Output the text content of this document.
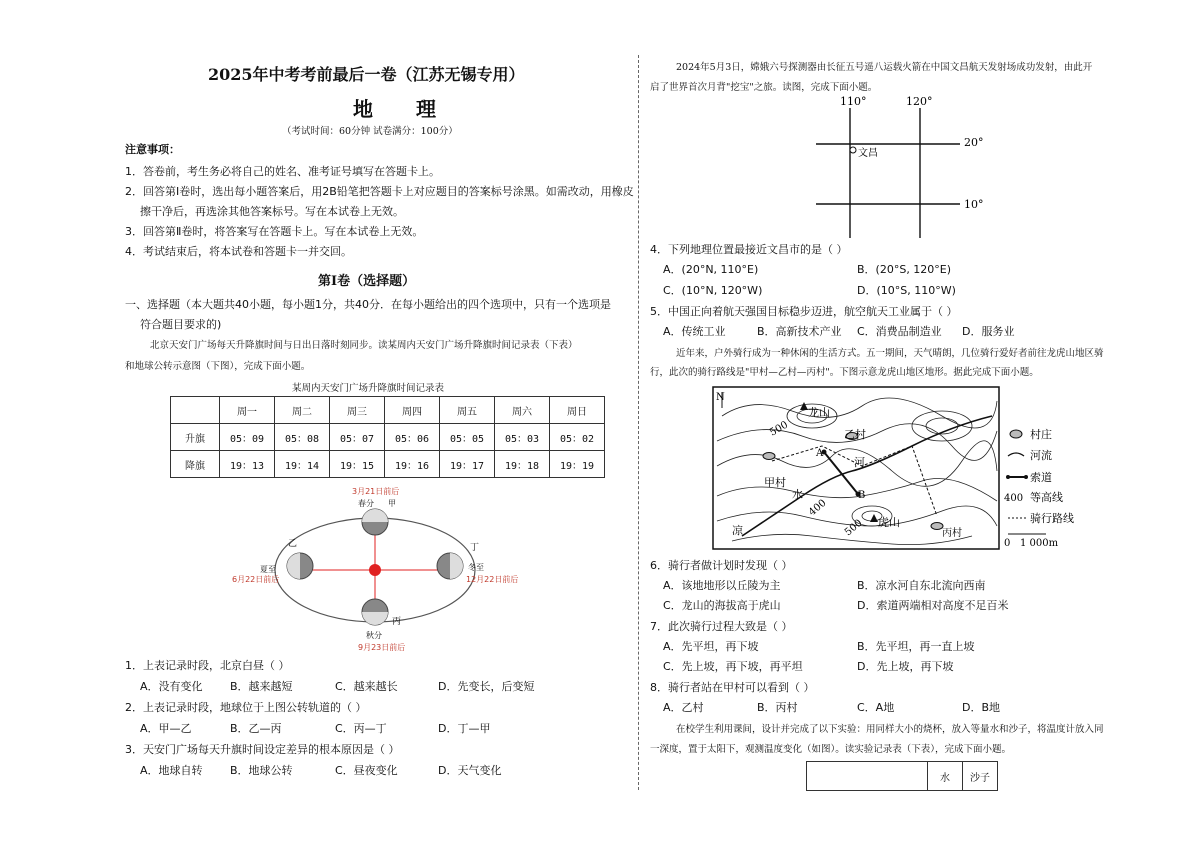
2025年中考考前最后一卷（江苏无锡专用）
地 理
（考试时间：60分钟 试卷满分：100分）
注意事项：
1．答卷前，考生务必将自己的姓名、准考证号填写在答题卡上。
2．回答第Ⅰ卷时，选出每小题答案后，用2B铅笔把答题卡上对应题目的答案标号涂黑。如需改动，用橡皮
擦干净后，再选涂其他答案标号。写在本试卷上无效。
3．回答第Ⅱ卷时，将答案写在答题卡上。写在本试卷上无效。
4．考试结束后，将本试卷和答题卡一并交回。
第Ⅰ卷（选择题）
一、选择题（本大题共40小题，每小题1分，共40分．在每小题给出的四个选项中，只有一个选项是
符合题目要求的)
北京天安门广场每天升降旗时间与日出日落时刻同步。读某周内天安门广场升降旗时间记录表（下表）
和地球公转示意图（下图），完成下面小题。
某周内天安门广场升降旗时间记录表
	周一	周二	周三	周四	周五	周六	周日
升旗	05：09	05：08	05：07	05：06	05：05	05：03	05：02
降旗	19：13	19：14	19：15	19：16	19：17	19：18	19：19
3月21日前后
春分 甲
乙
夏至
6月22日前后
丁
冬至
12月22日前后
丙
秋分
9月23日前后
1．上表记录时段，北京白昼（ ）
A．没有变化 B．越来越短	C．越来越长	D．先变长，后变短
2．上表记录时段，地球位于上图公转轨道的（ ）
A．甲—乙	B．乙—丙	C．丙—丁	D．丁—甲
3．天安门广场每天升旗时间设定差异的根本原因是（ ）
A．地球自转 B．地球公转	C．昼夜变化	D．天气变化
2024年5月3日，嫦娥六号探测器由长征五号遥八运载火箭在中国文昌航天发射场成功发射，由此开
启了世界首次月背"挖宝"之旅。读图，完成下面小题。
110°	120°
20°
10°
文昌
4．下列地理位置最接近文昌市的是（ ）
A．(20°N, 110°E)	B．(20°S, 120°E)
C．(10°N, 120°W)	D．(10°S, 110°W)
5．中国正向着航天强国目标稳步迈进，航空航天工业属于（ ）
A．传统工业	B．高新技术产业 C．消费品制造业 D．服务业
近年来，户外骑行成为一种休闲的生活方式。五一期间，天气晴朗，几位骑行爱好者前往龙虎山地区骑
行，此次的骑行路线是"甲村—乙村—丙村"。下图示意龙虎山地区地形。据此完成下面小题。
N
龙山
虎山
乙村
甲村
丙村
河
水
凉
A
B
500
400
500
村庄
河流
索道
400 等高线
骑行路线
0 1 000m
6．骑行者做计划时发现（ ）
A．该地地形以丘陵为主	B．凉水河自东北流向西南
C．龙山的海拔高于虎山	D．索道两端相对高度不足百米
7．此次骑行过程大致是（ ）
A．先平坦，再下坡	B．先平坦，再一直上坡
C．先上坡，再下坡，再平坦	D．先上坡，再下坡
8．骑行者站在甲村可以看到（ ）
A．乙村	B．丙村	C．A地	D．B地
在校学生利用课间，设计并完成了以下实验：用同样大小的烧杯，放入等量水和沙子，将温度计放入同
一深度，置于太阳下，观测温度变化（如图）。读实验记录表（下表），完成下面小题。
	水	沙子
